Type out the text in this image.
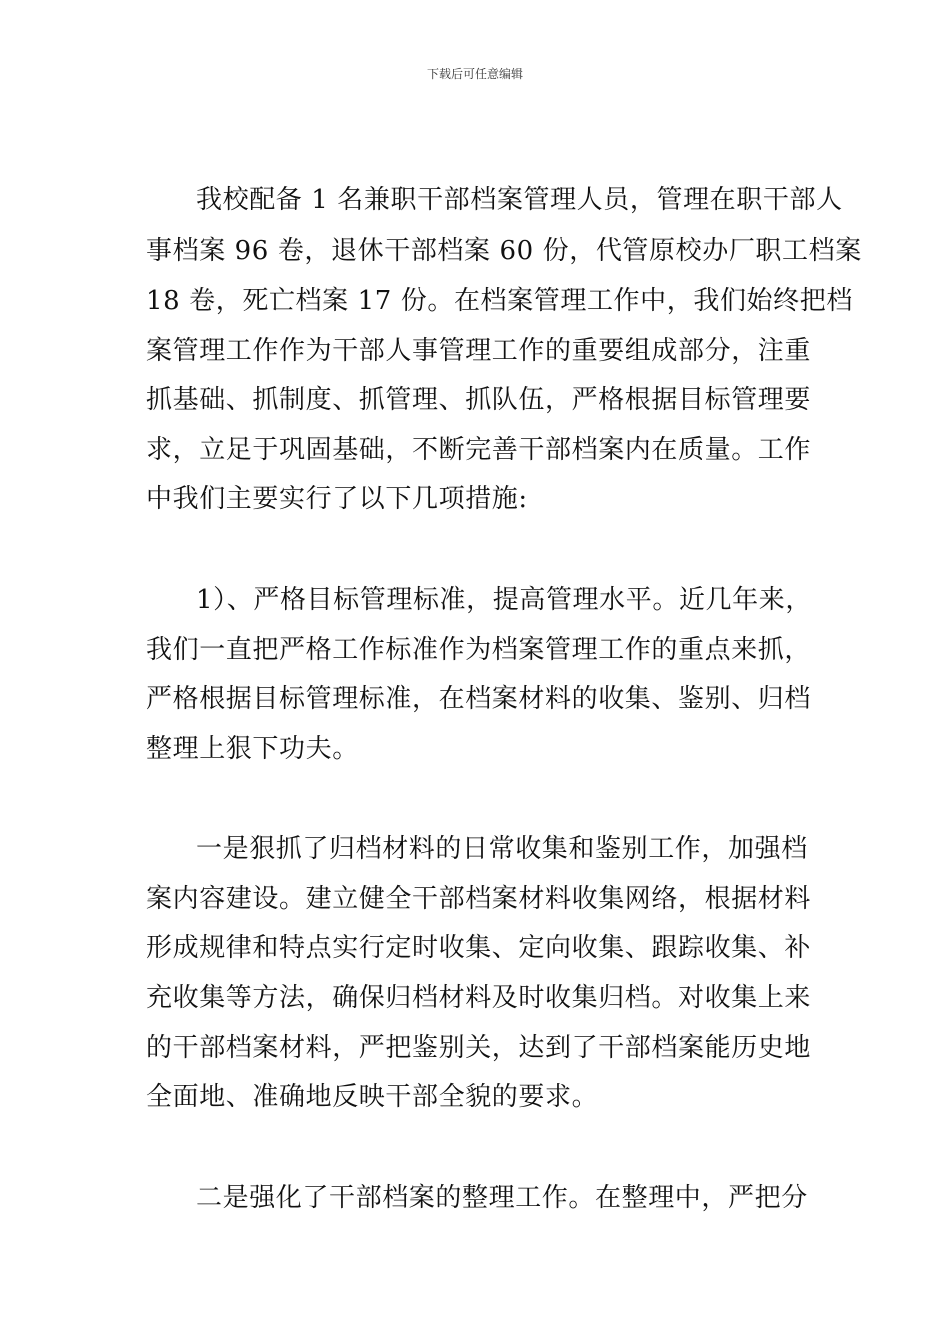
下载后可任意编辑
我校配备 1 名兼职干部档案管理人员，管理在职干部人
事档案 96 卷，退休干部档案 60 份，代管原校办厂职工档案
18 卷，死亡档案 17 份。在档案管理工作中，我们始终把档
案管理工作作为干部人事管理工作的重要组成部分，注重
抓基础、抓制度、抓管理、抓队伍，严格根据目标管理要
求，立足于巩固基础，不断完善干部档案内在质量。工作
中我们主要实行了以下几项措施:
1）、严格目标管理标准，提高管理水平。近几年来，
我们一直把严格工作标准作为档案管理工作的重点来抓，
严格根据目标管理标准，在档案材料的收集、鉴别、归档
整理上狠下功夫。
一是狠抓了归档材料的日常收集和鉴别工作，加强档
案内容建设。建立健全干部档案材料收集网络，根据材料
形成规律和特点实行定时收集、定向收集、跟踪收集、补
充收集等方法，确保归档材料及时收集归档。对收集上来
的干部档案材料，严把鉴别关，达到了干部档案能历史地
全面地、准确地反映干部全貌的要求。
二是强化了干部档案的整理工作。在整理中，严把分
